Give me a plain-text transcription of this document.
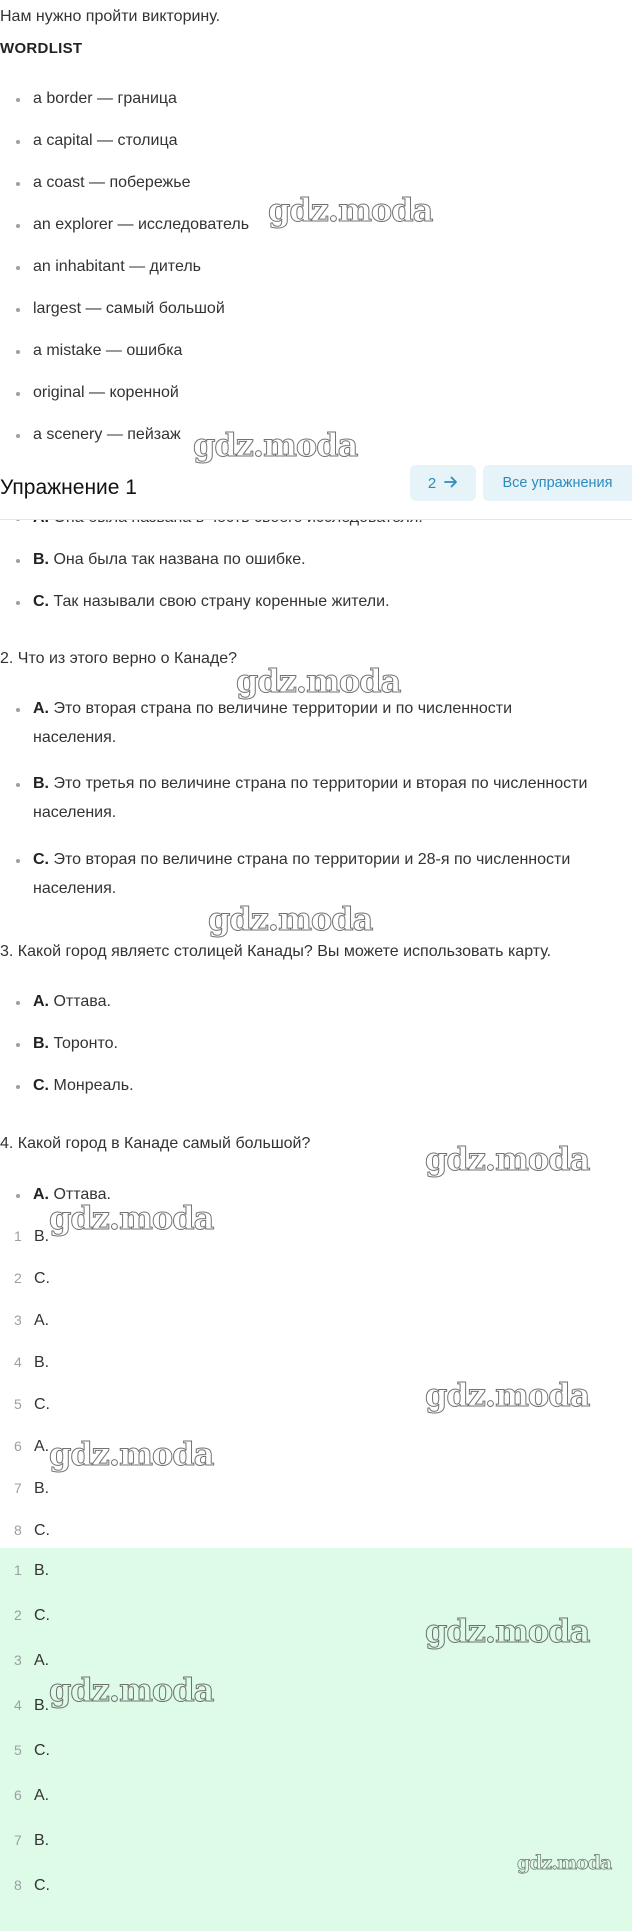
Нам нужно пройти викторину.
WORDLIST
a border — граница
a capital — столица
a coast — побережье
an explorer — исследователь
an inhabitant — дитель
largest — самый большой
a mistake — ошибка
original — коренной
a scenery — пейзаж
B. Она была так названа по ошибке.
C. Так называли свою страну коренные жители.
Упражнение 1	2	Все упражнения
2. Что из этого верно о Канаде?
A. Это вторая страна по величине территории и по численности
населения.
B. Это третья по величине страна по территории и вторая по численности
населения.
C. Это вторая по величине страна по территории и 28-я по численности
населения.
3. Какой город являетс столицей Канады? Вы можете использовать карту.
A. Оттава.
B. Торонто.
C. Монреаль.
4. Какой город в Канаде самый большой?
A. Оттава.
1 B.
2 C.
3 A.
4 B.
5 C.
6 A.
7 B.
8 C.
1 B.
2 C.
3 A.
4 B.
5 C.
6 A.
7 B.
8 C.
gdz.moda
gdz.moda
gdz.moda
gdz.moda
gdz.moda
gdz.moda
gdz.moda
gdz.moda
gdz.moda
gdz.moda
gdz.moda
